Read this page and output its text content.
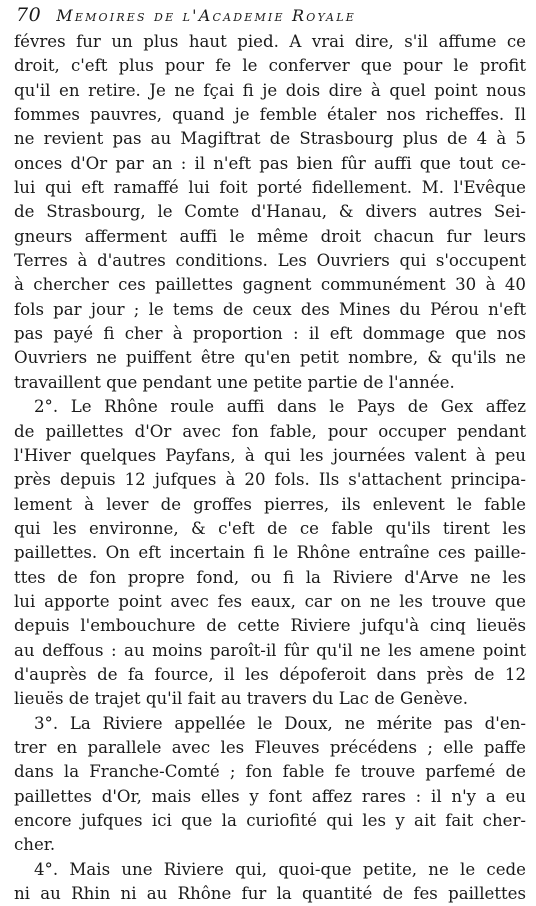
70 Memoires de l'Academie Royale
févres fur un plus haut pied. A vrai dire, s'il affume ce
droit, c'eft plus pour fe le conferver que pour le profit
qu'il en retire. Je ne fçai fi je dois dire à quel point nous
fommes pauvres, quand je femble étaler nos richeffes. Il
ne revient pas au Magiftrat de Strasbourg plus de 4 à 5
onces d'Or par an : il n'eft pas bien fûr auffi que tout ce-
lui qui eft ramaffé lui foit porté fidellement. M. l'Evêque
de Strasbourg, le Comte d'Hanau, & divers autres Sei-
gneurs afferment auffi le même droit chacun fur leurs
Terres à d'autres conditions. Les Ouvriers qui s'occupent
à chercher ces paillettes gagnent communément 30 à 40
fols par jour ; le tems de ceux des Mines du Pérou n'eft
pas payé fi cher à proportion : il eft dommage que nos
Ouvriers ne puiffent être qu'en petit nombre, & qu'ils ne
travaillent que pendant une petite partie de l'année.
2°. Le Rhône roule auffi dans le Pays de Gex affez
de paillettes d'Or avec fon fable, pour occuper pendant
l'Hiver quelques Payfans, à qui les journées valent à peu
près depuis 12 jufques à 20 fols. Ils s'attachent principa-
lement à lever de groffes pierres, ils enlevent le fable
qui les environne, & c'eft de ce fable qu'ils tirent les
paillettes. On eft incertain fi le Rhône entraîne ces paille-
ttes de fon propre fond, ou fi la Riviere d'Arve ne les
lui apporte point avec fes eaux, car on ne les trouve que
depuis l'embouchure de cette Riviere jufqu'à cinq lieuës
au deffous : au moins paroît-il fûr qu'il ne les amene point
d'auprès de fa fource, il les dépoferoit dans près de 12
lieuës de trajet qu'il fait au travers du Lac de Genève.
3°. La Riviere appellée le Doux, ne mérite pas d'en-
trer en parallele avec les Fleuves précédens ; elle paffe
dans la Franche-Comté ; fon fable fe trouve parfemé de
paillettes d'Or, mais elles y font affez rares : il n'y a eu
encore jufques ici que la curiofité qui les y ait fait cher-
cher.
4°. Mais une Riviere qui, quoi-que petite, ne le cede
ni au Rhin ni au Rhône fur la quantité de fes paillettes
